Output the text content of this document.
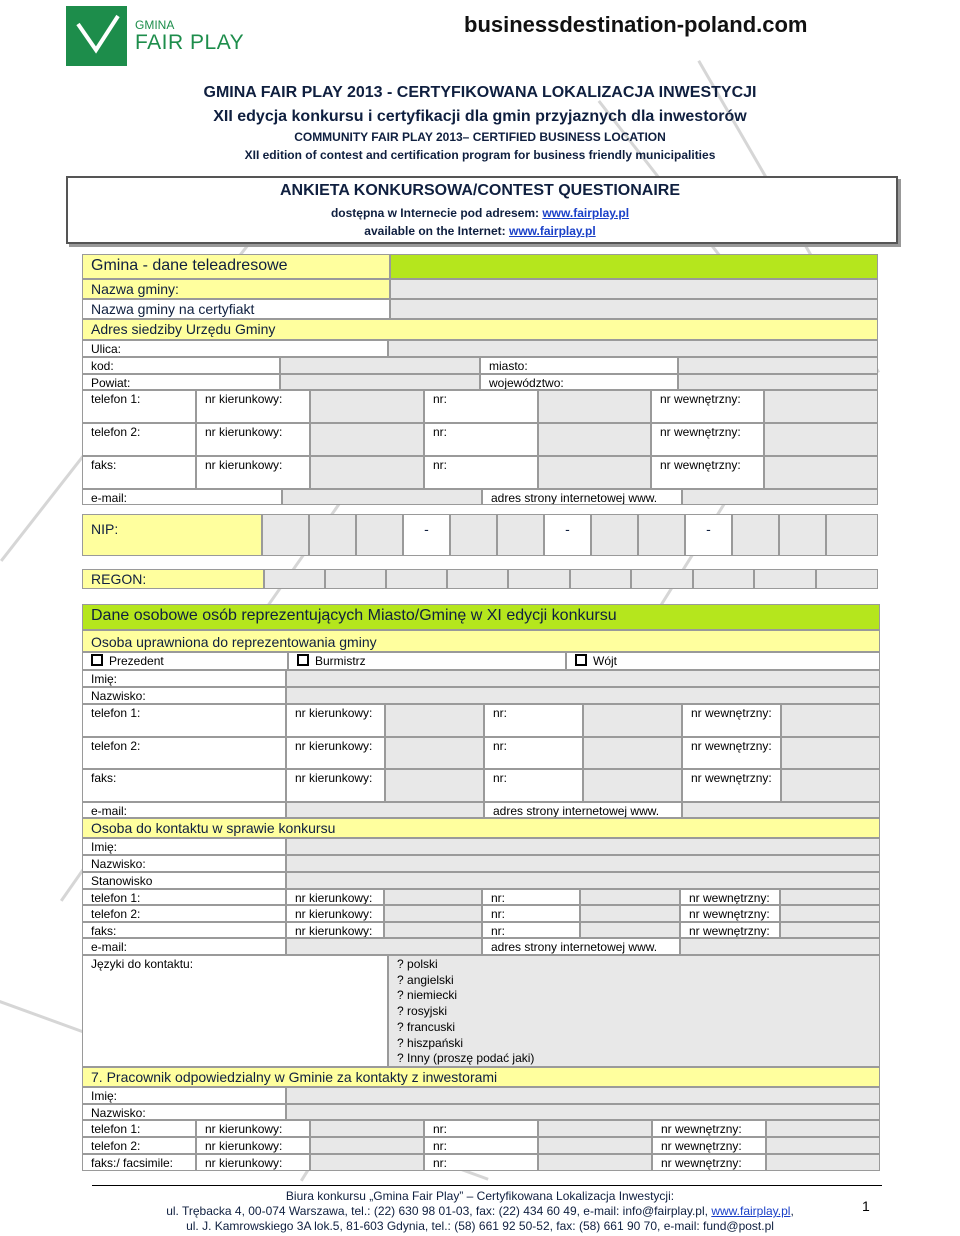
GMINA
FAIR PLAY
businessdestination-poland.com
GMINA FAIR PLAY 2013 - CERTYFIKOWANA LOKALIZACJA INWESTYCJI
XII edycja konkursu i certyfikacji dla gmin przyjaznych dla inwestorów
COMMUNITY FAIR PLAY 2013– CERTIFIED BUSINESS LOCATION
XII edition of contest and certification program for business friendly municipalities
ANKIETA KONKURSOWA/CONTEST QUESTIONAIRE
dostępna w Internecie pod adresem: www.fairplay.pl
available on the Internet: www.fairplay.pl
Gmina - dane teleadresowe
Nazwa gminy:
Nazwa gminy na certyfiakt
Adres siedziby Urzędu Gminy
Ulica:
kod:	miasto:
Powiat:	województwo:
telefon 1:	nr kierunkowy:	nr:	nr wewnętrzny:
telefon 2:	nr kierunkowy:	nr:	nr wewnętrzny:
faks:	nr kierunkowy:	nr:	nr wewnętrzny:
e-mail:	adres strony internetowej www.
NIP:	-	-	-
REGON:
Dane osobowe osób reprezentujących Miasto/Gminę w XI edycji konkursu
Osoba uprawniona do reprezentowania gminy
Prezedent	Burmistrz	Wójt
Imię:
Nazwisko:
telefon 1:	nr kierunkowy:	nr:	nr wewnętrzny:
telefon 2:	nr kierunkowy:	nr:	nr wewnętrzny:
faks:	nr kierunkowy:	nr:	nr wewnętrzny:
e-mail:	adres strony internetowej www.
Osoba do kontaktu w sprawie konkursu
Imię:
Nazwisko:
Stanowisko
telefon 1:	nr kierunkowy:	nr:	nr wewnętrzny:
telefon 2:	nr kierunkowy:	nr:	nr wewnętrzny:
faks:	nr kierunkowy:	nr:	nr wewnętrzny:
e-mail:	adres strony internetowej www.
Języki do kontaktu:	? polski
? angielski
? niemiecki
? rosyjski
? francuski
? hiszpański
? Inny (proszę podać jaki)
7. Pracownik odpowiedzialny w Gminie za kontakty z inwestorami
Imię:
Nazwisko:
telefon 1:	nr kierunkowy:	nr:	nr wewnętrzny:
telefon 2:	nr kierunkowy:	nr:	nr wewnętrzny:
faks:/ facsimile:	nr kierunkowy:	nr:	nr wewnętrzny:
Biura konkursu „Gmina Fair Play” – Certyfikowana Lokalizacja Inwestycji:
ul. Trębacka 4, 00-074 Warszawa, tel.: (22) 630 98 01-03, fax: (22) 434 60 49, e-mail: info@fairplay.pl, www.fairplay.pl,
ul. J. Kamrowskiego 3A lok.5, 81-603 Gdynia, tel.: (58) 661 92 50-52, fax: (58) 661 90 70, e-mail: fund@post.pl
1
